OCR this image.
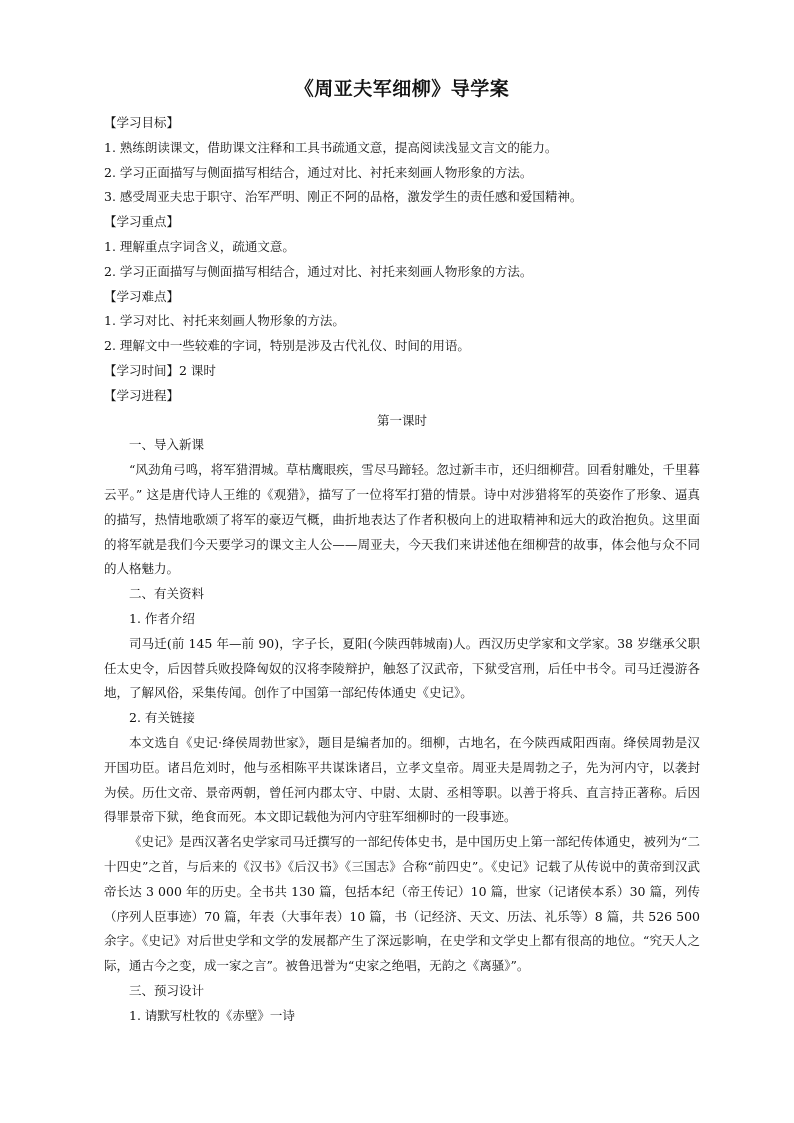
《周亚夫军细柳》导学案

【学习目标】

1. 熟练朗读课文，借助课文注释和工具书疏通文意，提高阅读浅显文言文的能力。

2. 学习正面描写与侧面描写相结合，通过对比、衬托来刻画人物形象的方法。

3. 感受周亚夫忠于职守、治军严明、刚正不阿的品格，激发学生的责任感和爱国精神。

【学习重点】

1. 理解重点字词含义，疏通文意。

2. 学习正面描写与侧面描写相结合，通过对比、衬托来刻画人物形象的方法。

【学习难点】

1. 学习对比、衬托来刻画人物形象的方法。

2. 理解文中一些较难的字词，特别是涉及古代礼仪、时间的用语。

【学习时间】2 课时

【学习进程】

第一课时

一、导入新课

“风劲角弓鸣，将军猎渭城。草枯鹰眼疾，雪尽马蹄轻。忽过新丰市，还归细柳营。回看射雕处，千里暮云平。” 这是唐代诗人王维的《观猎》，描写了一位将军打猎的情景。诗中对涉猎将军的英姿作了形象、逼真的描写，热情地歌颂了将军的豪迈气概，曲折地表达了作者积极向上的进取精神和远大的政治抱负。这里面的将军就是我们今天要学习的课文主人公——周亚夫，今天我们来讲述他在细柳营的故事，体会他与众不同的人格魅力。

二、有关资料

1. 作者介绍

司马迁(前 145 年—前 90)，字子长，夏阳(今陕西韩城南)人。西汉历史学家和文学家。38 岁继承父职任太史令，后因替兵败投降匈奴的汉将李陵辩护，触怒了汉武帝，下狱受宫刑，后任中书令。司马迁漫游各地，了解风俗，采集传闻。创作了中国第一部纪传体通史《史记》。

2. 有关链接

本文选自《史记·绛侯周勃世家》，题目是编者加的。细柳，古地名，在今陕西咸阳西南。绛侯周勃是汉开国功臣。诸吕危刘时，他与丞相陈平共谋诛诸吕，立孝文皇帝。周亚夫是周勃之子，先为河内守，以袭封为侯。历仕文帝、景帝两朝，曾任河内郡太守、中尉、太尉、丞相等职。以善于将兵、直言持正著称。后因得罪景帝下狱，绝食而死。本文即记载他为河内守驻军细柳时的一段事迹。

《史记》是西汉著名史学家司马迁撰写的一部纪传体史书，是中国历史上第一部纪传体通史，被列为“二十四史”之首，与后来的《汉书》《后汉书》《三国志》合称“前四史”。《史记》记载了从传说中的黄帝到汉武帝长达 3 000 年的历史。全书共 130 篇，包括本纪（帝王传记）10 篇，世家（记诸侯本系）30 篇，列传（序列人臣事迹）70 篇，年表（大事年表）10 篇，书（记经济、天文、历法、礼乐等）8 篇，共 526 500 余字。《史记》对后世史学和文学的发展都产生了深远影响，在史学和文学史上都有很高的地位。“究天人之际，通古今之变，成一家之言”。被鲁迅誉为“史家之绝唱，无韵之《离骚》”。

三、预习设计

1. 请默写杜牧的《赤壁》一诗
